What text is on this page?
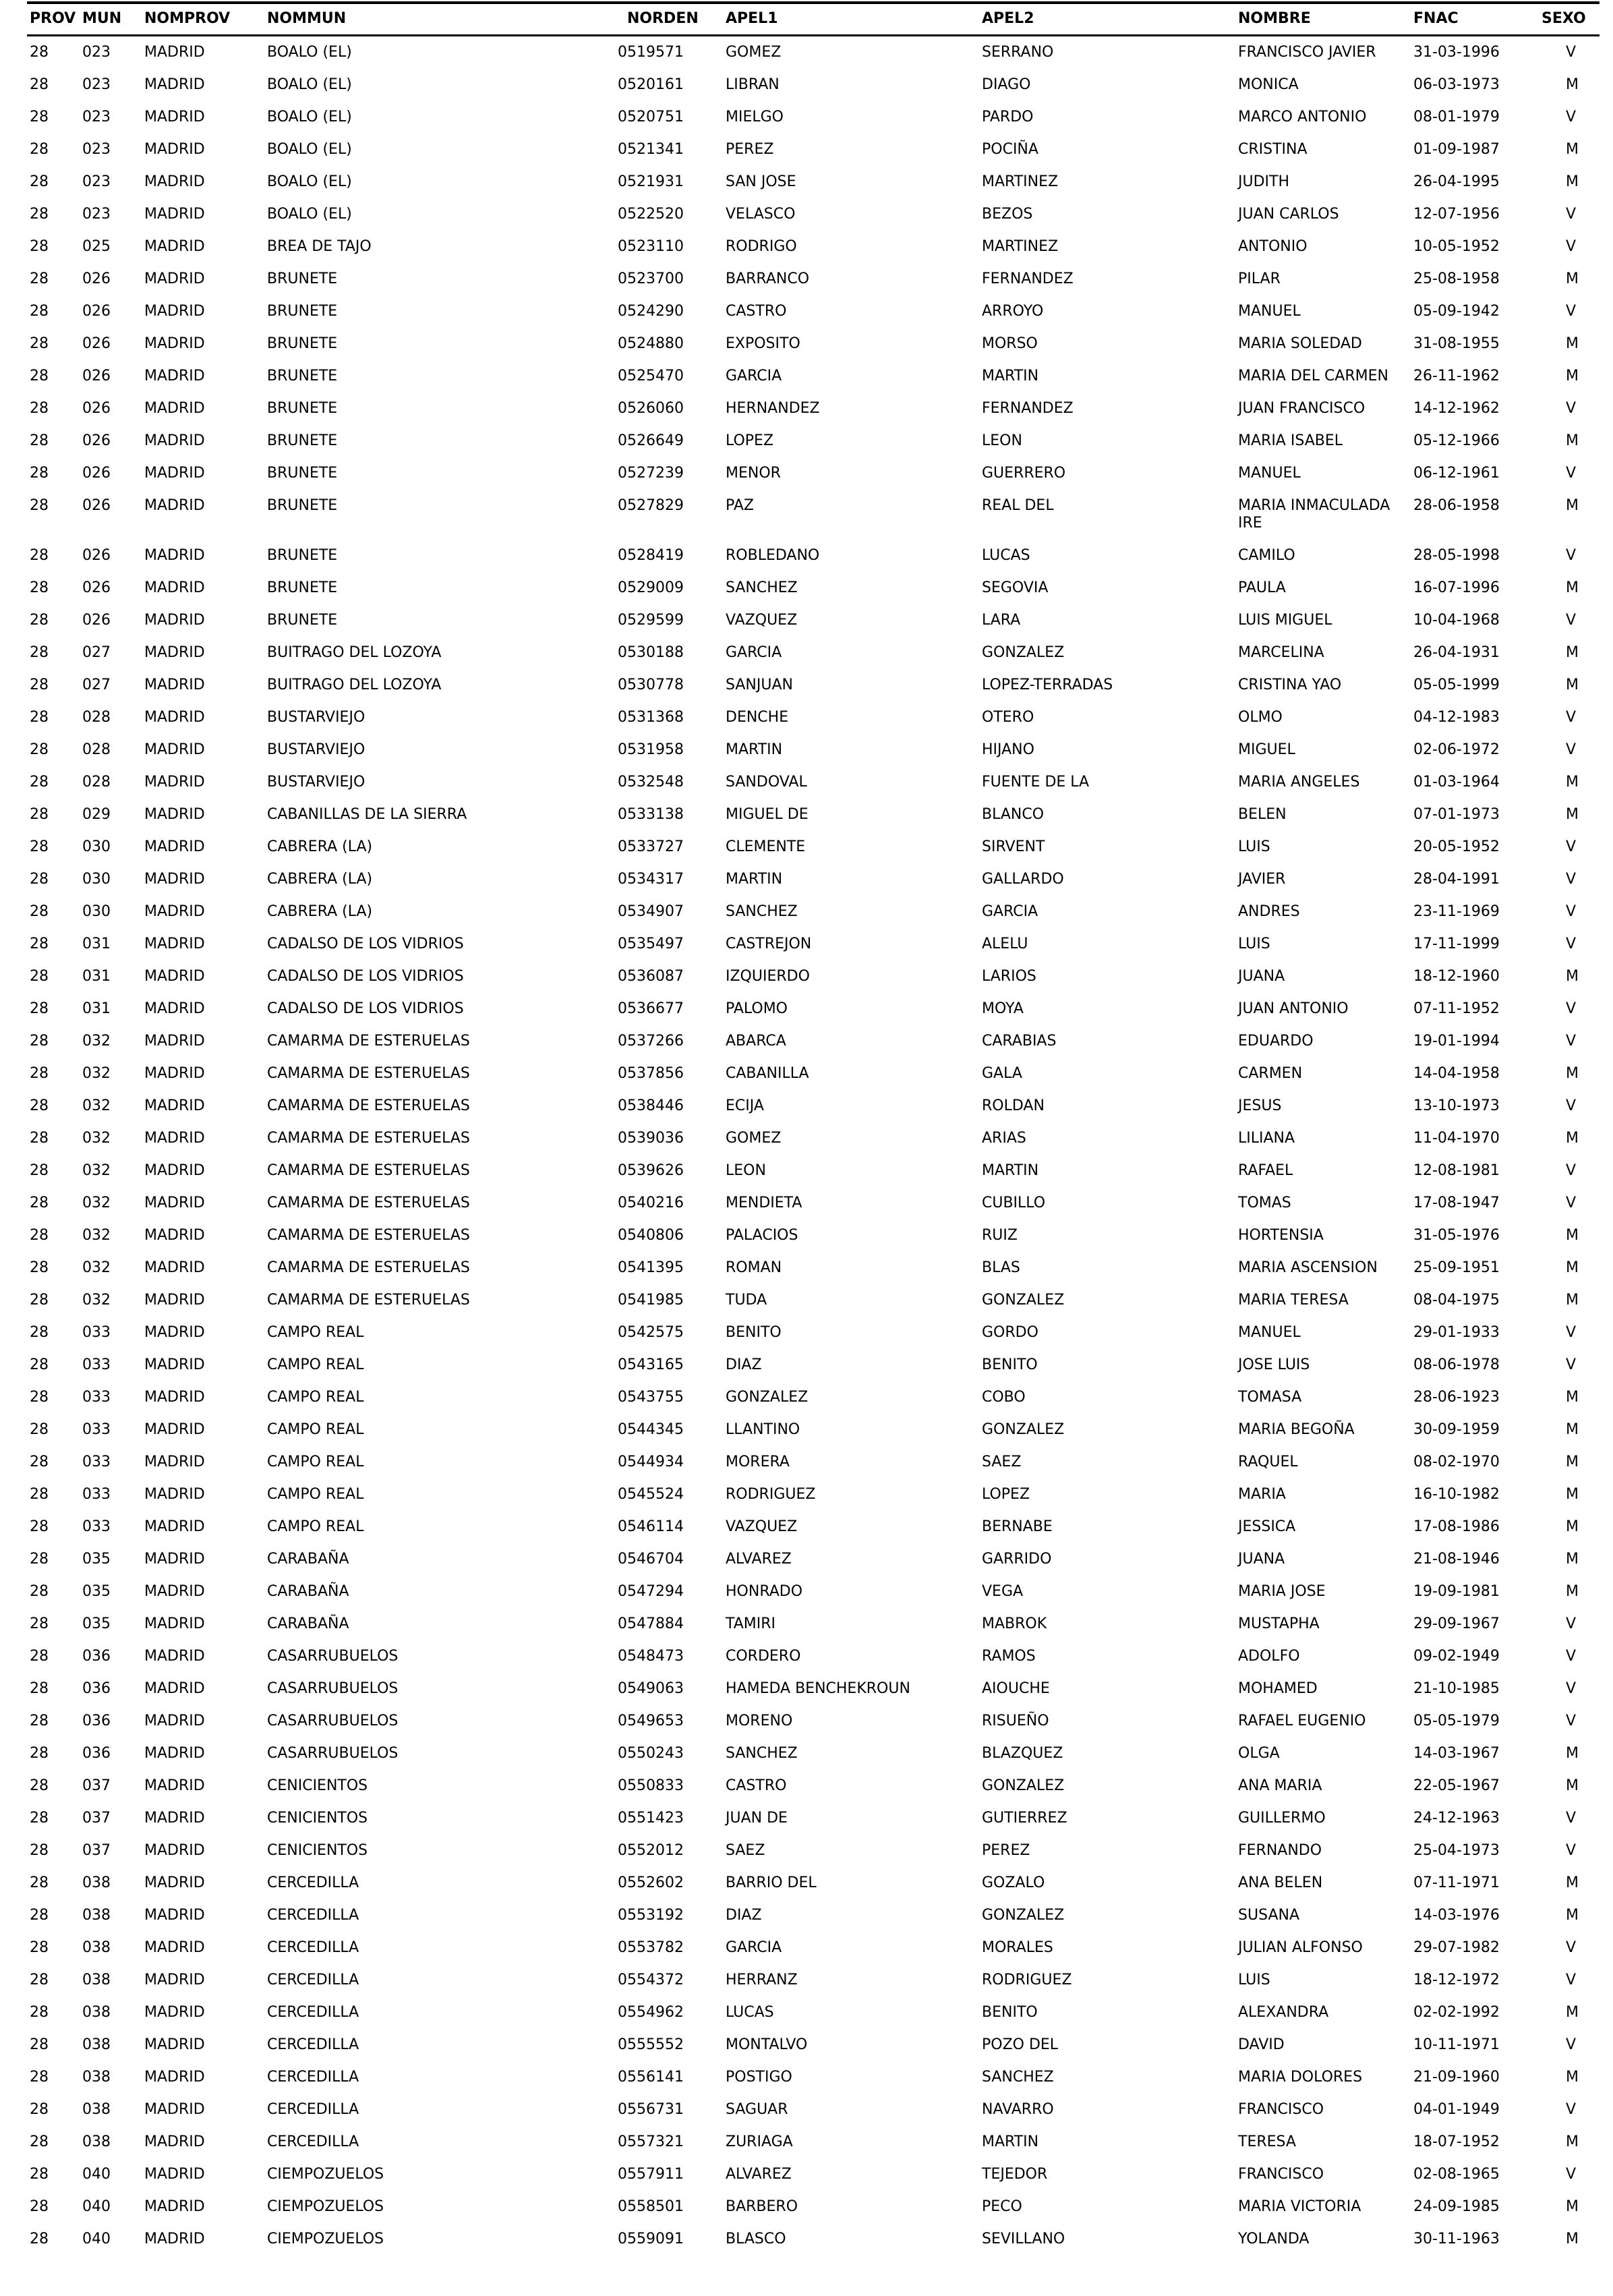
PROV	MUN	NOMPROV	NOMMUN	NORDEN	APEL1	APEL2	NOMBRE	FNAC	SEXO
28	023	MADRID	BOALO (EL)	0519571	GOMEZ	SERRANO	FRANCISCO JAVIER	31-03-1996	V
28	023	MADRID	BOALO (EL)	0520161	LIBRAN	DIAGO	MONICA	06-03-1973	M
28	023	MADRID	BOALO (EL)	0520751	MIELGO	PARDO	MARCO ANTONIO	08-01-1979	V
28	023	MADRID	BOALO (EL)	0521341	PEREZ	POCIÑA	CRISTINA	01-09-1987	M
28	023	MADRID	BOALO (EL)	0521931	SAN JOSE	MARTINEZ	JUDITH	26-04-1995	M
28	023	MADRID	BOALO (EL)	0522520	VELASCO	BEZOS	JUAN CARLOS	12-07-1956	V
28	025	MADRID	BREA DE TAJO	0523110	RODRIGO	MARTINEZ	ANTONIO	10-05-1952	V
28	026	MADRID	BRUNETE	0523700	BARRANCO	FERNANDEZ	PILAR	25-08-1958	M
28	026	MADRID	BRUNETE	0524290	CASTRO	ARROYO	MANUEL	05-09-1942	V
28	026	MADRID	BRUNETE	0524880	EXPOSITO	MORSO	MARIA SOLEDAD	31-08-1955	M
28	026	MADRID	BRUNETE	0525470	GARCIA	MARTIN	MARIA DEL CARMEN	26-11-1962	M
28	026	MADRID	BRUNETE	0526060	HERNANDEZ	FERNANDEZ	JUAN FRANCISCO	14-12-1962	V
28	026	MADRID	BRUNETE	0526649	LOPEZ	LEON	MARIA ISABEL	05-12-1966	M
28	026	MADRID	BRUNETE	0527239	MENOR	GUERRERO	MANUEL	06-12-1961	V
28	026	MADRID	BRUNETE	0527829	PAZ	REAL DEL	MARIA INMACULADA IRE	28-06-1958	M
28	026	MADRID	BRUNETE	0528419	ROBLEDANO	LUCAS	CAMILO	28-05-1998	V
28	026	MADRID	BRUNETE	0529009	SANCHEZ	SEGOVIA	PAULA	16-07-1996	M
28	026	MADRID	BRUNETE	0529599	VAZQUEZ	LARA	LUIS MIGUEL	10-04-1968	V
28	027	MADRID	BUITRAGO DEL LOZOYA	0530188	GARCIA	GONZALEZ	MARCELINA	26-04-1931	M
28	027	MADRID	BUITRAGO DEL LOZOYA	0530778	SANJUAN	LOPEZ-TERRADAS	CRISTINA YAO	05-05-1999	M
28	028	MADRID	BUSTARVIEJO	0531368	DENCHE	OTERO	OLMO	04-12-1983	V
28	028	MADRID	BUSTARVIEJO	0531958	MARTIN	HIJANO	MIGUEL	02-06-1972	V
28	028	MADRID	BUSTARVIEJO	0532548	SANDOVAL	FUENTE DE LA	MARIA ANGELES	01-03-1964	M
28	029	MADRID	CABANILLAS DE LA SIERRA	0533138	MIGUEL DE	BLANCO	BELEN	07-01-1973	M
28	030	MADRID	CABRERA (LA)	0533727	CLEMENTE	SIRVENT	LUIS	20-05-1952	V
28	030	MADRID	CABRERA (LA)	0534317	MARTIN	GALLARDO	JAVIER	28-04-1991	V
28	030	MADRID	CABRERA (LA)	0534907	SANCHEZ	GARCIA	ANDRES	23-11-1969	V
28	031	MADRID	CADALSO DE LOS VIDRIOS	0535497	CASTREJON	ALELU	LUIS	17-11-1999	V
28	031	MADRID	CADALSO DE LOS VIDRIOS	0536087	IZQUIERDO	LARIOS	JUANA	18-12-1960	M
28	031	MADRID	CADALSO DE LOS VIDRIOS	0536677	PALOMO	MOYA	JUAN ANTONIO	07-11-1952	V
28	032	MADRID	CAMARMA DE ESTERUELAS	0537266	ABARCA	CARABIAS	EDUARDO	19-01-1994	V
28	032	MADRID	CAMARMA DE ESTERUELAS	0537856	CABANILLA	GALA	CARMEN	14-04-1958	M
28	032	MADRID	CAMARMA DE ESTERUELAS	0538446	ECIJA	ROLDAN	JESUS	13-10-1973	V
28	032	MADRID	CAMARMA DE ESTERUELAS	0539036	GOMEZ	ARIAS	LILIANA	11-04-1970	M
28	032	MADRID	CAMARMA DE ESTERUELAS	0539626	LEON	MARTIN	RAFAEL	12-08-1981	V
28	032	MADRID	CAMARMA DE ESTERUELAS	0540216	MENDIETA	CUBILLO	TOMAS	17-08-1947	V
28	032	MADRID	CAMARMA DE ESTERUELAS	0540806	PALACIOS	RUIZ	HORTENSIA	31-05-1976	M
28	032	MADRID	CAMARMA DE ESTERUELAS	0541395	ROMAN	BLAS	MARIA ASCENSION	25-09-1951	M
28	032	MADRID	CAMARMA DE ESTERUELAS	0541985	TUDA	GONZALEZ	MARIA TERESA	08-04-1975	M
28	033	MADRID	CAMPO REAL	0542575	BENITO	GORDO	MANUEL	29-01-1933	V
28	033	MADRID	CAMPO REAL	0543165	DIAZ	BENITO	JOSE LUIS	08-06-1978	V
28	033	MADRID	CAMPO REAL	0543755	GONZALEZ	COBO	TOMASA	28-06-1923	M
28	033	MADRID	CAMPO REAL	0544345	LLANTINO	GONZALEZ	MARIA BEGOÑA	30-09-1959	M
28	033	MADRID	CAMPO REAL	0544934	MORERA	SAEZ	RAQUEL	08-02-1970	M
28	033	MADRID	CAMPO REAL	0545524	RODRIGUEZ	LOPEZ	MARIA	16-10-1982	M
28	033	MADRID	CAMPO REAL	0546114	VAZQUEZ	BERNABE	JESSICA	17-08-1986	M
28	035	MADRID	CARABAÑA	0546704	ALVAREZ	GARRIDO	JUANA	21-08-1946	M
28	035	MADRID	CARABAÑA	0547294	HONRADO	VEGA	MARIA JOSE	19-09-1981	M
28	035	MADRID	CARABAÑA	0547884	TAMIRI	MABROK	MUSTAPHA	29-09-1967	V
28	036	MADRID	CASARRUBUELOS	0548473	CORDERO	RAMOS	ADOLFO	09-02-1949	V
28	036	MADRID	CASARRUBUELOS	0549063	HAMEDA BENCHEKROUN	AIOUCHE	MOHAMED	21-10-1985	V
28	036	MADRID	CASARRUBUELOS	0549653	MORENO	RISUEÑO	RAFAEL EUGENIO	05-05-1979	V
28	036	MADRID	CASARRUBUELOS	0550243	SANCHEZ	BLAZQUEZ	OLGA	14-03-1967	M
28	037	MADRID	CENICIENTOS	0550833	CASTRO	GONZALEZ	ANA MARIA	22-05-1967	M
28	037	MADRID	CENICIENTOS	0551423	JUAN DE	GUTIERREZ	GUILLERMO	24-12-1963	V
28	037	MADRID	CENICIENTOS	0552012	SAEZ	PEREZ	FERNANDO	25-04-1973	V
28	038	MADRID	CERCEDILLA	0552602	BARRIO DEL	GOZALO	ANA BELEN	07-11-1971	M
28	038	MADRID	CERCEDILLA	0553192	DIAZ	GONZALEZ	SUSANA	14-03-1976	M
28	038	MADRID	CERCEDILLA	0553782	GARCIA	MORALES	JULIAN ALFONSO	29-07-1982	V
28	038	MADRID	CERCEDILLA	0554372	HERRANZ	RODRIGUEZ	LUIS	18-12-1972	V
28	038	MADRID	CERCEDILLA	0554962	LUCAS	BENITO	ALEXANDRA	02-02-1992	M
28	038	MADRID	CERCEDILLA	0555552	MONTALVO	POZO DEL	DAVID	10-11-1971	V
28	038	MADRID	CERCEDILLA	0556141	POSTIGO	SANCHEZ	MARIA DOLORES	21-09-1960	M
28	038	MADRID	CERCEDILLA	0556731	SAGUAR	NAVARRO	FRANCISCO	04-01-1949	V
28	038	MADRID	CERCEDILLA	0557321	ZURIAGA	MARTIN	TERESA	18-07-1952	M
28	040	MADRID	CIEMPOZUELOS	0557911	ALVAREZ	TEJEDOR	FRANCISCO	02-08-1965	V
28	040	MADRID	CIEMPOZUELOS	0558501	BARBERO	PECO	MARIA VICTORIA	24-09-1985	M
28	040	MADRID	CIEMPOZUELOS	0559091	BLASCO	SEVILLANO	YOLANDA	30-11-1963	M
